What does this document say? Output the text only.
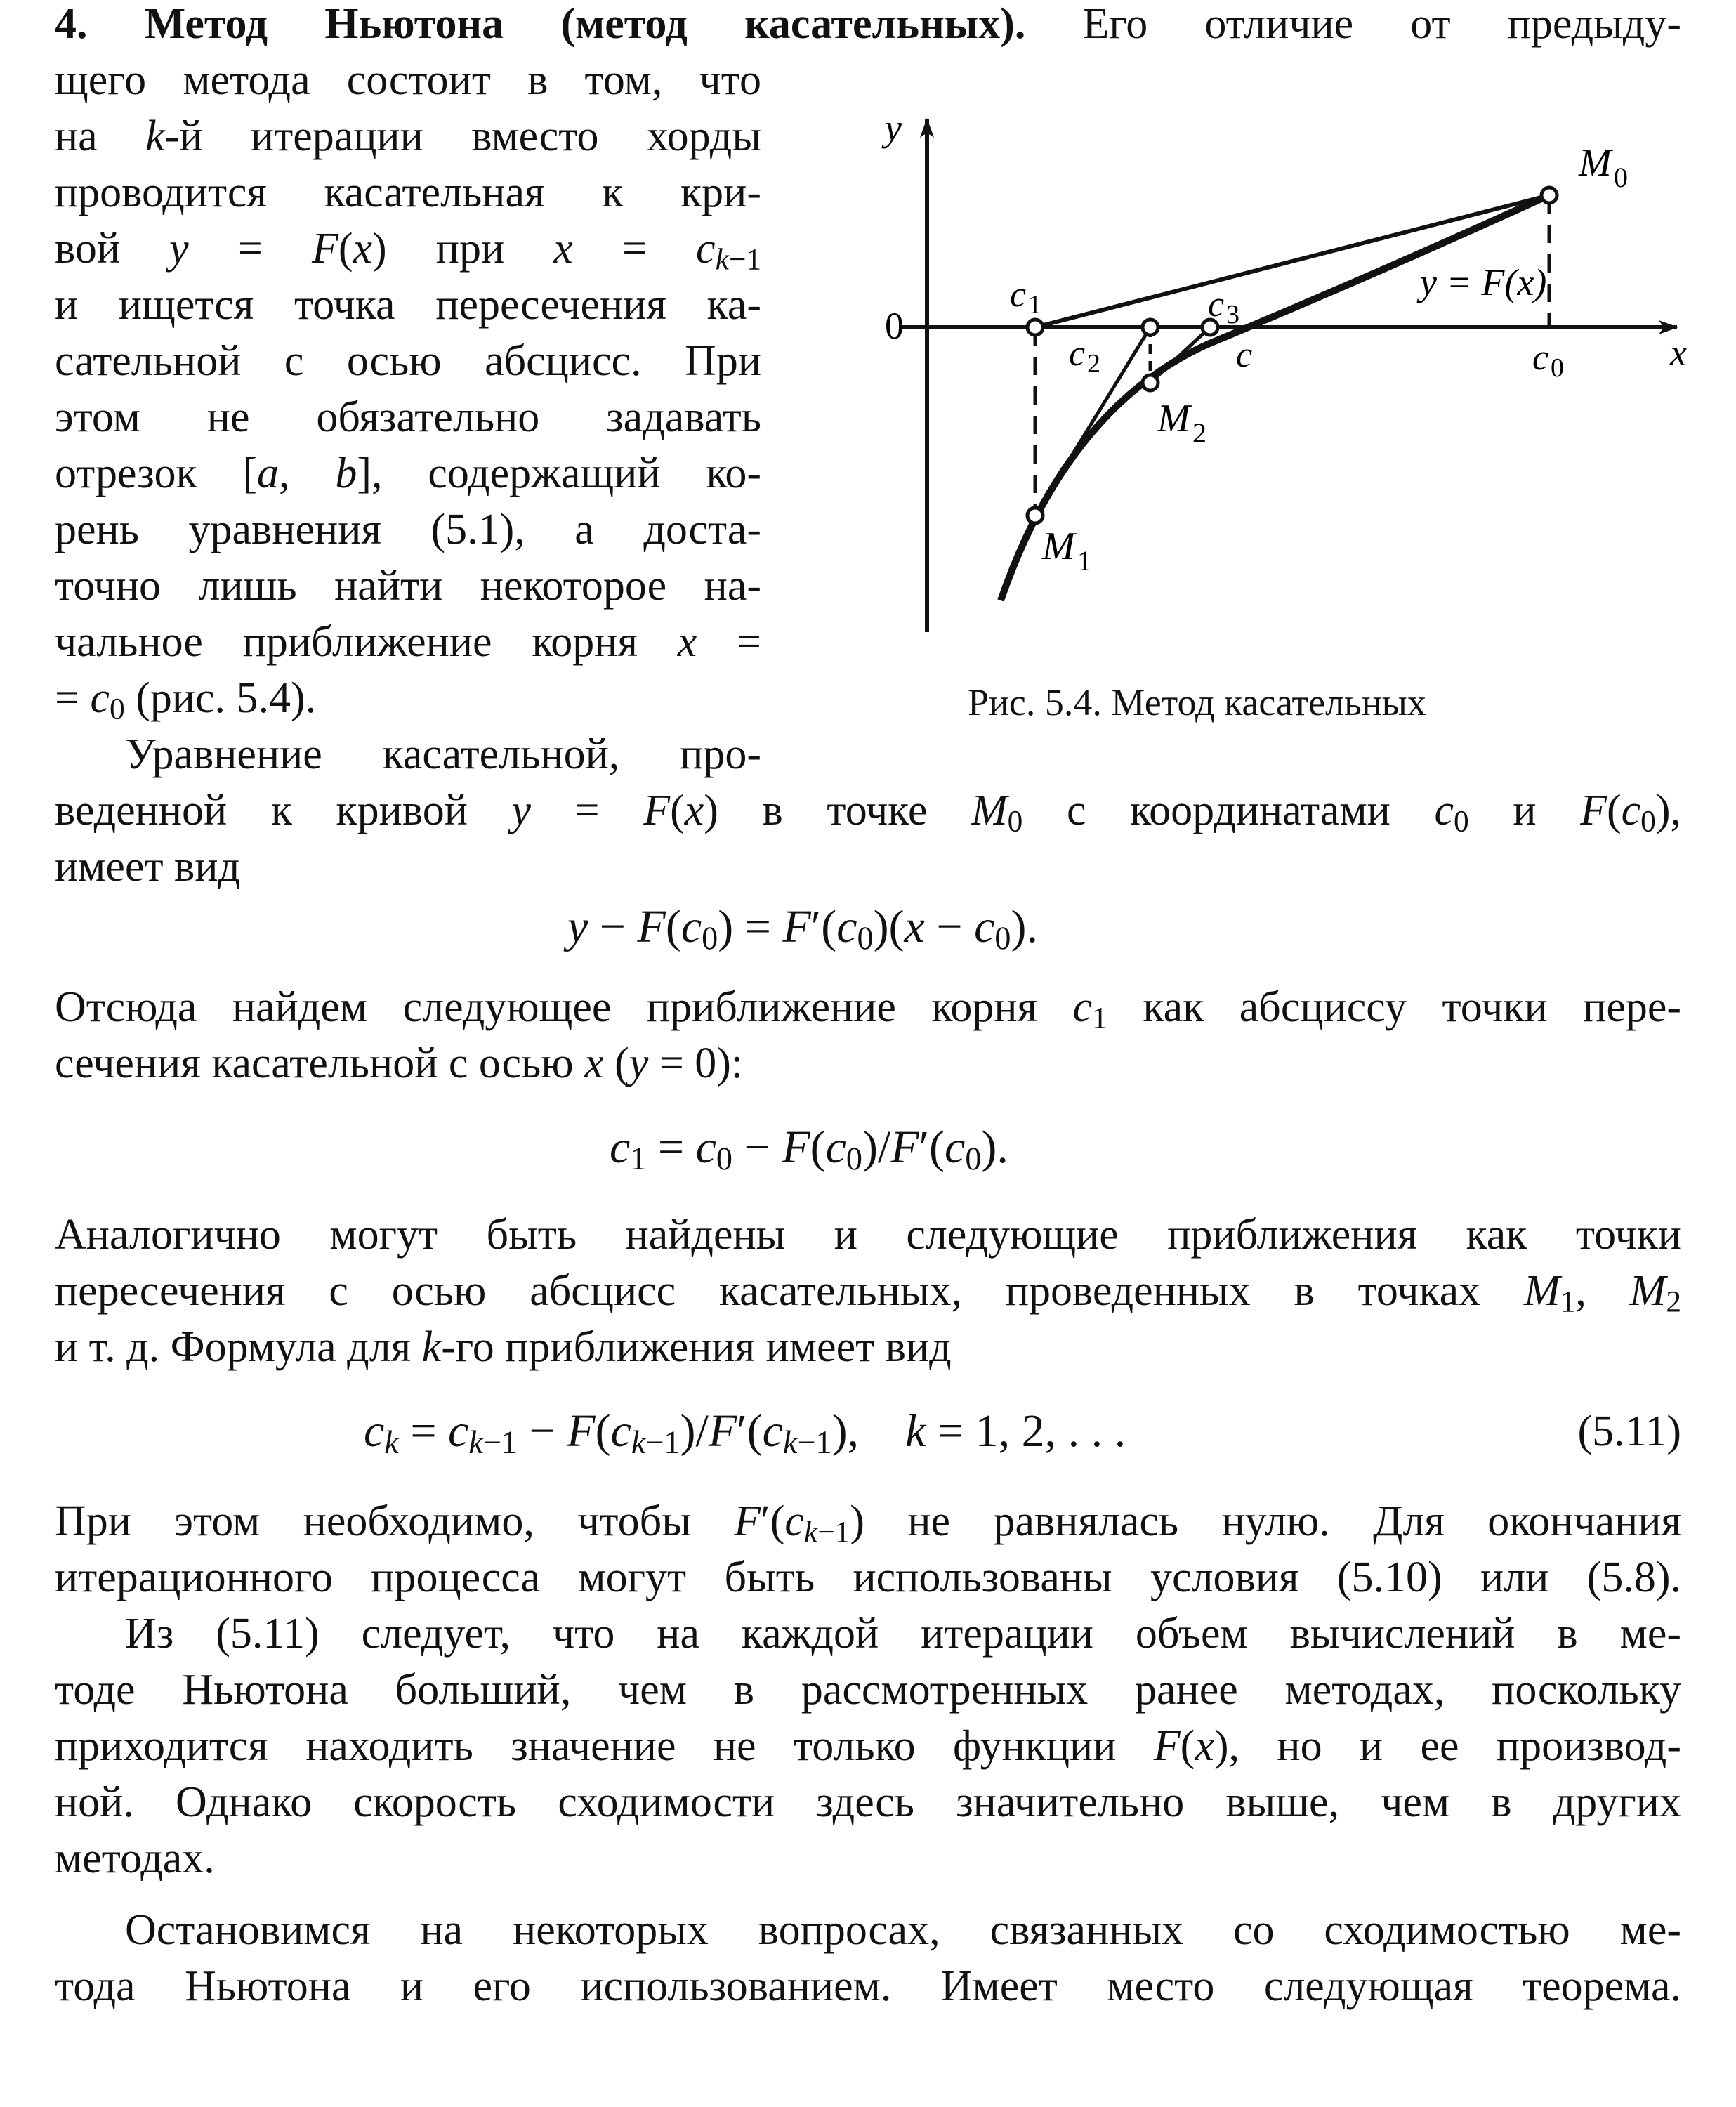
4. Метод Ньютона (метод касательных). Его отличие от предыду-
щего метода состоит в том, что
на k-й итерации вместо хорды
проводится касательная к кри-
вой y = F(x) при $x = ck_{-1}$
и ищется точка пересечения ка-
сательной с осью абсцисс. При
этом не обязательно задавать
отрезок [a, b], содержащий ко-
рень уравнения (5.1), а доста-
точно лишь найти некоторое на-
чальное приближение корня x =
= $c_0$ (рис. 5.4).
Уравнение касательной, про-
y
0
x
y = F(x)
M 0
M 1
M 2
c 1
c 2
c 3
c	c 0
Рис. 5.4. Метод касательных
веденной к кривой y = F(x) в точке $M_0$ с координатами $c_0$ и $F(c_0)$,
имеет вид
$y - F(c_0) = F'(c_0)(x - c_0)$.
Отсюда найдем следующее приближение корня $c_1$ как абсциссу точки пере-
сечения касательной с осью x (y = 0):
$c_1 = c_0 - F(c_0)/F'(c_0)$.
Аналогично могут быть найдены и следующие приближения как точки
пересечения с осью абсцисс касательных, проведенных в точках $M_1$, $M_2$
и т. д. Формула для k-го приближения имеет вид
ck = $ck_{-1} - F(ck_{-1})/F'(ck_{-1})$,    k = 1, 2, . . .	(5.11)
При этом необходимо, чтобы $F'(ck_{-1})$ не равнялась нулю. Для окончания
итерационного процесса могут быть использованы условия (5.10) или (5.8).
Из (5.11) следует, что на каждой итерации объем вычислений в ме-
тоде Ньютона больший, чем в рассмотренных ранее методах, поскольку
приходится находить значение не только функции F(x), но и ее производ-
ной. Однако скорость сходимости здесь значительно выше, чем в других
методах.
Остановимся на некоторых вопросах, связанных со сходимостью ме-
тода Ньютона и его использованием. Имеет место следующая теорема.
